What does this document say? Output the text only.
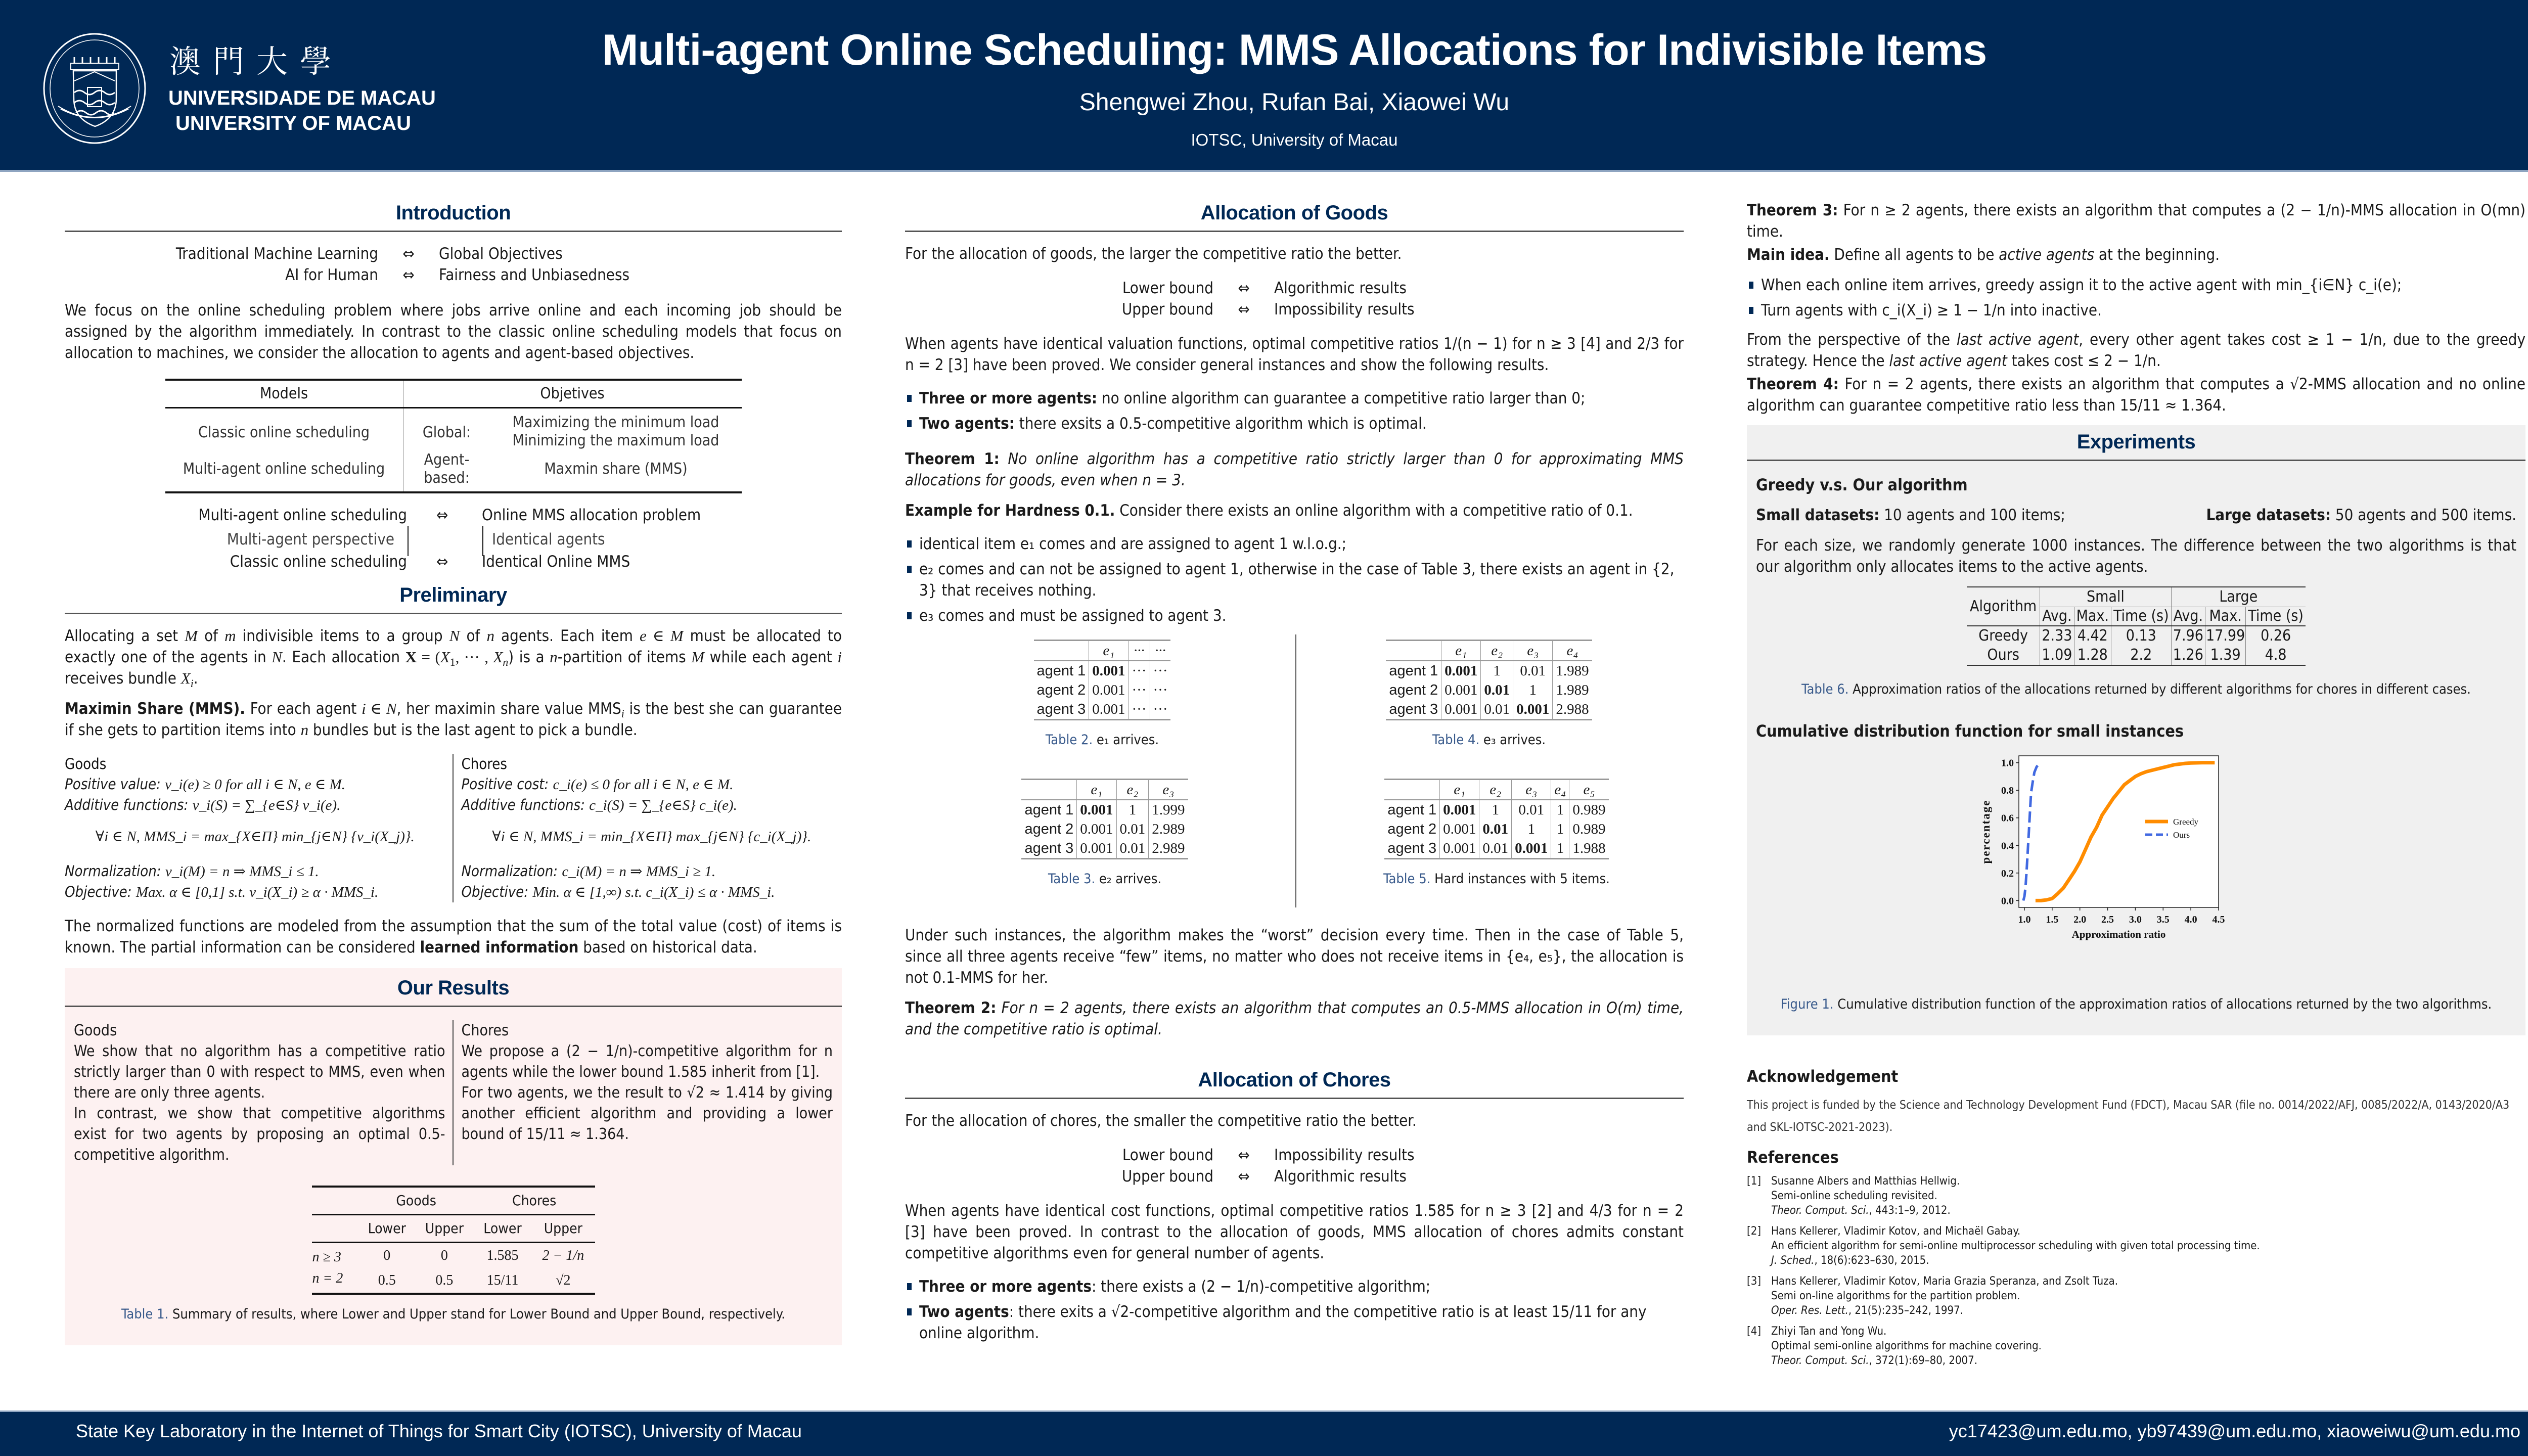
澳門大學
UNIVERSIDADE DE MACAU
UNIVERSITY OF MACAU
Multi-agent Online Scheduling: MMS Allocations for Indivisible Items
Shengwei Zhou, Rufan Bai, Xiaowei Wu
IOTSC, University of Macau
Introduction
Traditional Machine Learning	⇔	Global Objectives
AI for Human	⇔	Fairness and Unbiasedness

We focus on the online scheduling problem where jobs arrive online and each incoming job should be assigned by the algorithm immediately. In contrast to the classic online scheduling models that focus on allocation to machines, we consider the allocation to agents and agent-based objectives.

Models	Objetives	
Classic online scheduling	Global:	Maximizing the minimum load
Minimizing the maximum load

Multi-agent online scheduling	Agent-based:	Maxmin share (MMS)
Multi-agent online scheduling ⇔ Online MMS allocation problem
Multi-agent perspective	Identical agents
Classic online scheduling ⇔ Identical Online MMS
Preliminary

Allocating a set M of m indivisible items to a group N of n agents. Each item e ∈ M must be allocated to exactly one of the agents in N. Each allocation $X = (X_1$, ··· , $X_n$) is a n-partition of items M while each agent i receives bundle $X_i$.

Maximin Share (MMS). For each agent i ∈ N, her maximin share value $MMS_i$ is the best she can guarantee if she gets to partition items into n bundles but is the last agent to pick a bundle.

Goods
Positive value: v_i(e) ≥ 0 for all i ∈ N, e ∈ M.
Additive functions: v_i(S) = ∑_{e∈S} v_i(e).
∀i ∈ N, MMS_i = max_{X∈Π} min_{j∈N} {v_i(X_j)}.
Normalization: v_i(M) = n ⇒ MMS_i ≤ 1.
Objective: Max. α ∈ [0,1] s.t. v_i(X_i) ≥ α · MMS_i.
Chores
Positive cost: c_i(e) ≤ 0 for all i ∈ N, e ∈ M.
Additive functions: c_i(S) = ∑_{e∈S} c_i(e).
∀i ∈ N, MMS_i = min_{X∈Π} max_{j∈N} {c_i(X_j)}.
Normalization: c_i(M) = n ⇒ MMS_i ≥ 1.
Objective: Min. α ∈ [1,∞) s.t. c_i(X_i) ≤ α · MMS_i.

The normalized functions are modeled from the assumption that the sum of the total value (cost) of items is known. The partial information can be considered learned information based on historical data.

Our Results
Goods
We show that no algorithm has a competitive ratio strictly larger than 0 with respect to MMS, even when there are only three agents.
In contrast, we show that competitive algorithms exist for two agents by proposing an optimal 0.5-competitive algorithm.
Chores
We propose a (2 − 1/n)-competitive algorithm for n agents while the lower bound 1.585 inherit from [1].
For two agents, we the result to √2 ≈ 1.414 by giving another efficient algorithm and providing a lower bound of 15/11 ≈ 1.364.
	Goods		Chores	
	Lower	Upper	Lower	Upper
n ≥ 3	0	0	1.585	2 − 1/n
n = 2	0.5	0.5	15/11	√2
Table 1. Summary of results, where Lower and Upper stand for Lower Bound and Upper Bound, respectively.
Allocation of Goods

For the allocation of goods, the larger the competitive ratio the better.

Lower bound	⇔	Algorithmic results
Upper bound	⇔	Impossibility results

When agents have identical valuation functions, optimal competitive ratios 1/(n − 1) for n ≥ 3 [4] and 2/3 for n = 2 [3] have been proved. We consider general instances and show the following results.

Three or more agents: no online algorithm can guarantee a competitive ratio larger than 0;
Two agents: there exsits a 0.5-competitive algorithm which is optimal.

Theorem 1: No online algorithm has a competitive ratio strictly larger than 0 for approximating MMS allocations for goods, even when n = 3.

Example for Hardness 0.1. Consider there exists an online algorithm with a competitive ratio of 0.1.

identical item e₁ comes and are assigned to agent 1 w.l.o.g.;
e₂ comes and can not be assigned to agent 1, otherwise in the case of Table 3, there exists an agent in {2, 3} that receives nothing.
e₃ comes and must be assigned to agent 3.
	e₁	···	···
agent 1	0.001	···	···
agent 2	0.001	···	···
agent 3	0.001	···	···
Table 2. e₁ arrives.
	e₁	e₂	e₃	e₄
agent 1	0.001	1	0.01	1.989
agent 2	0.001	0.01	1	1.989
agent 3	0.001	0.01	0.001	2.988
Table 4. e₃ arrives.
	e₁	e₂	e₃
agent 1	0.001	1	1.999
agent 2	0.001	0.01	2.989
agent 3	0.001	0.01	2.989
Table 3. e₂ arrives.
	e₁	e₂	e₃	e₄	e₅
agent 1	0.001	1	0.01	1	0.989
agent 2	0.001	0.01	1	1	0.989
agent 3	0.001	0.01	0.001	1	1.988
Table 5. Hard instances with 5 items.

Under such instances, the algorithm makes the “worst” decision every time. Then in the case of Table 5, since all three agents receive “few” items, no matter who does not receive items in {e₄, e₅}, the allocation is not 0.1-MMS for her.

Theorem 2: For n = 2 agents, there exists an algorithm that computes an 0.5-MMS allocation in O(m) time, and the competitive ratio is optimal.

Allocation of Chores

For the allocation of chores, the smaller the competitive ratio the better.

Lower bound	⇔	Impossibility results
Upper bound	⇔	Algorithmic results

When agents have identical cost functions, optimal competitive ratios 1.585 for n ≥ 3 [2] and 4/3 for n = 2 [3] have been proved. In contrast to the allocation of goods, MMS allocation of chores admits constant competitive algorithms even for general number of agents.

Three or more agents: there exists a (2 − 1/n)-competitive algorithm;
Two agents: there exits a √2-competitive algorithm and the competitive ratio is at least 15/11 for any online algorithm.

Theorem 3: For n ≥ 2 agents, there exists an algorithm that computes a (2 − 1/n)-MMS allocation in O(mn) time.

Main idea. Define all agents to be active agents at the beginning.

When each online item arrives, greedy assign it to the active agent with min_{i∈N} c_i(e);
Turn agents with c_i(X_i) ≥ 1 − 1/n into inactive.

From the perspective of the last active agent, every other agent takes cost ≥ 1 − 1/n, due to the greedy strategy. Hence the last active agent takes cost ≤ 2 − 1/n.

Theorem 4: For n = 2 agents, there exists an algorithm that computes a √2-MMS allocation and no online algorithm can guarantee competitive ratio less than 15/11 ≈ 1.364.

Experiments
Greedy v.s. Our algorithm
Small datasets: 10 agents and 100 items;	Large datasets: 50 agents and 500 items.

For each size, we randomly generate 1000 instances. The difference between the two algorithms is that our algorithm only allocates items to the active agents.

Algorithm	Small			Large		
	Avg.	Max.	Time (s)	Avg.	Max.	Time (s)
Greedy	2.33	4.42	0.13	7.96	17.99	0.26
Ours	1.09	1.28	2.2	1.26	1.39	4.8
Table 6. Approximation ratios of the allocations returned by different algorithms for chores in different cases.
Cumulative distribution function for small instances
1.0 1.5 2.0 2.5 3.0 3.5 4.0 4.5
0.0
0.2
0.4
0.6
0.8
1.0
Approximation ratio
percentage	Greedy
Ours
Figure 1. Cumulative distribution function of the approximation ratios of allocations returned by the two algorithms.
Acknowledgement
This project is funded by the Science and Technology Development Fund (FDCT), Macau SAR (file no. 0014/2022/AFJ, 0085/2022/A, 0143/2020/A3 and SKL-IOTSC-2021-2023).
References
[1] Susanne Albers and Matthias Hellwig.
Semi-online scheduling revisited.
Theor. Comput. Sci., 443:1–9, 2012.
[2] Hans Kellerer, Vladimir Kotov, and Michaël Gabay.
An efficient algorithm for semi-online multiprocessor scheduling with given total processing time.
J. Sched., 18(6):623–630, 2015.
[3] Hans Kellerer, Vladimir Kotov, Maria Grazia Speranza, and Zsolt Tuza.
Semi on-line algorithms for the partition problem.
Oper. Res. Lett., 21(5):235–242, 1997.
[4] Zhiyi Tan and Yong Wu.
Optimal semi-online algorithms for machine covering.
Theor. Comput. Sci., 372(1):69–80, 2007.
State Key Laboratory in the Internet of Things for Smart City (IOTSC), University of Macau	yc17423@um.edu.mo, yb97439@um.edu.mo, xiaoweiwu@um.edu.mo
